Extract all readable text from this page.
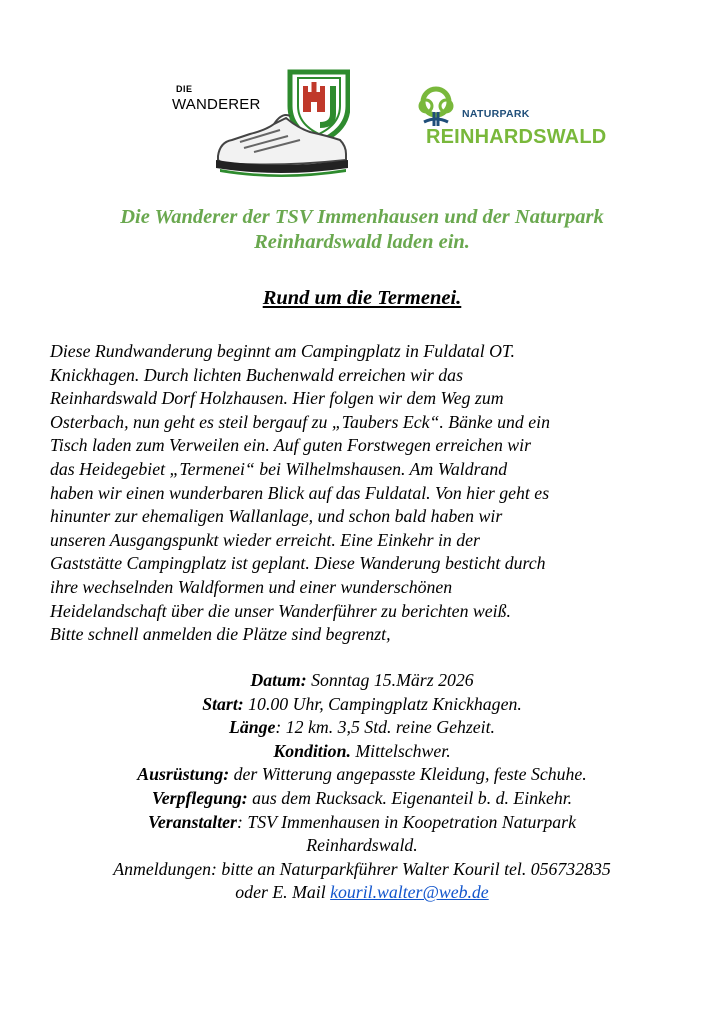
DIE
WANDERER
NATURPARK
REINHARDSWALD
Die Wanderer der TSV Immenhausen und der Naturpark
Reinhardswald laden ein.
Rund um die Termenei.
Diese Rundwanderung beginnt am Campingplatz in Fuldatal OT.
Knickhagen. Durch lichten Buchenwald erreichen wir das
Reinhardswald Dorf Holzhausen. Hier folgen wir dem Weg zum
Osterbach, nun geht es steil bergauf zu „Taubers Eck“. Bänke und ein
Tisch laden zum Verweilen ein. Auf guten Forstwegen erreichen wir
das Heidegebiet „Termenei“ bei Wilhelmshausen. Am Waldrand
haben wir einen wunderbaren Blick auf das Fuldatal. Von hier geht es
hinunter zur ehemaligen Wallanlage, und schon bald haben wir
unseren Ausgangspunkt wieder erreicht. Eine Einkehr in der
Gaststätte Campingplatz ist geplant. Diese Wanderung besticht durch
ihre wechselnden Waldformen und einer wunderschönen
Heidelandschaft über die unser Wanderführer zu berichten weiß.
Bitte schnell anmelden die Plätze sind begrenzt,
Datum: Sonntag 15.März 2026
Start: 10.00 Uhr, Campingplatz Knickhagen.
Länge: 12 km. 3,5 Std. reine Gehzeit.
Kondition. Mittelschwer.
Ausrüstung: der Witterung angepasste Kleidung, feste Schuhe.
Verpflegung: aus dem Rucksack. Eigenanteil b. d. Einkehr.
Veranstalter: TSV Immenhausen in Koopetration Naturpark
Reinhardswald.
Anmeldungen: bitte an Naturparkführer Walter Kouril tel. 056732835
oder E. Mail kouril.walter@web.de
